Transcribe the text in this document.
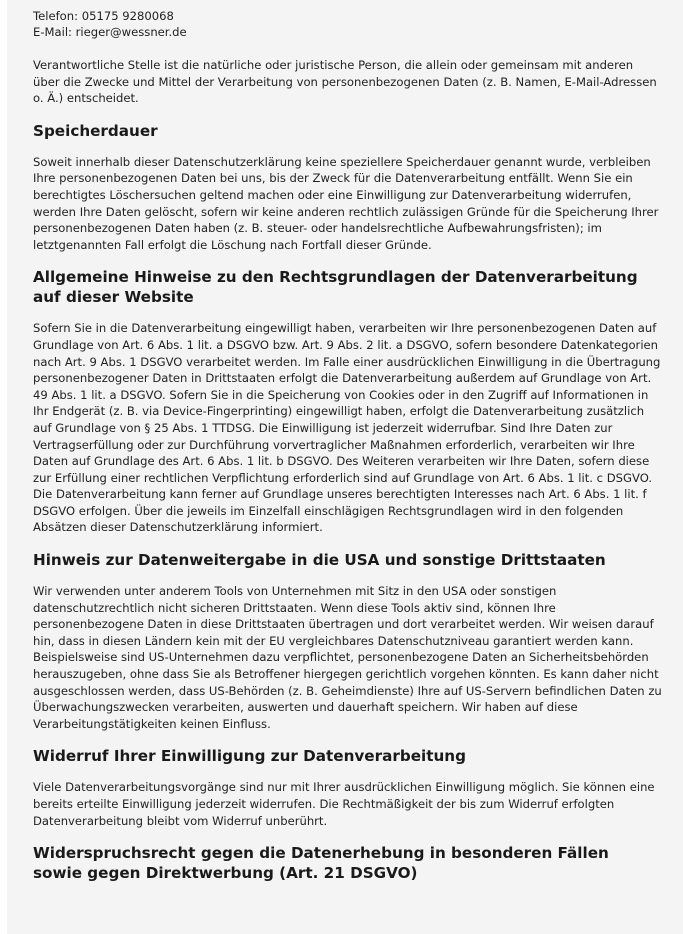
Telefon: 05175 9280068

E-Mail: rieger@wessner.de

Verantwortliche Stelle ist die natürliche oder juristische Person, die allein oder gemeinsam mit anderen über die Zwecke und Mittel der Verarbeitung von personenbezogenen Daten (z. B. Namen, E-Mail-Adressen o. Ä.) entscheidet.

Speicherdauer

Soweit innerhalb dieser Datenschutzerklärung keine speziellere Speicherdauer genannt wurde, verbleiben Ihre personenbezogenen Daten bei uns, bis der Zweck für die Datenverarbeitung entfällt. Wenn Sie ein berechtigtes Löschersuchen geltend machen oder eine Einwilligung zur Datenverarbeitung widerrufen, werden Ihre Daten gelöscht, sofern wir keine anderen rechtlich zulässigen Gründe für die Speicherung Ihrer personenbezogenen Daten haben (z. B. steuer- oder handelsrechtliche Aufbewahrungsfristen); im letztgenannten Fall erfolgt die Löschung nach Fortfall dieser Gründe.

Allgemeine Hinweise zu den Rechtsgrundlagen der Datenverarbeitung auf dieser Website

Sofern Sie in die Datenverarbeitung eingewilligt haben, verarbeiten wir Ihre personenbezogenen Daten auf Grundlage von Art. 6 Abs. 1 lit. a DSGVO bzw. Art. 9 Abs. 2 lit. a DSGVO, sofern besondere Datenkategorien nach Art. 9 Abs. 1 DSGVO verarbeitet werden. Im Falle einer ausdrücklichen Einwilligung in die Übertragung personenbezogener Daten in Drittstaaten erfolgt die Datenverarbeitung außerdem auf Grundlage von Art. 49 Abs. 1 lit. a DSGVO. Sofern Sie in die Speicherung von Cookies oder in den Zugriff auf Informationen in Ihr Endgerät (z. B. via Device-Fingerprinting) eingewilligt haben, erfolgt die Datenverarbeitung zusätzlich auf Grundlage von § 25 Abs. 1 TTDSG. Die Einwilligung ist jederzeit widerrufbar. Sind Ihre Daten zur Vertragserfüllung oder zur Durchführung vorvertraglicher Maßnahmen erforderlich, verarbeiten wir Ihre Daten auf Grundlage des Art. 6 Abs. 1 lit. b DSGVO. Des Weiteren verarbeiten wir Ihre Daten, sofern diese zur Erfüllung einer rechtlichen Verpflichtung erforderlich sind auf Grundlage von Art. 6 Abs. 1 lit. c DSGVO. Die Datenverarbeitung kann ferner auf Grundlage unseres berechtigten Interesses nach Art. 6 Abs. 1 lit. f DSGVO erfolgen. Über die jeweils im Einzelfall einschlägigen Rechtsgrundlagen wird in den folgenden Absätzen dieser Datenschutzerklärung informiert.

Hinweis zur Datenweitergabe in die USA und sonstige Drittstaaten

Wir verwenden unter anderem Tools von Unternehmen mit Sitz in den USA oder sonstigen datenschutzrechtlich nicht sicheren Drittstaaten. Wenn diese Tools aktiv sind, können Ihre personenbezogene Daten in diese Drittstaaten übertragen und dort verarbeitet werden. Wir weisen darauf hin, dass in diesen Ländern kein mit der EU vergleichbares Datenschutzniveau garantiert werden kann. Beispielsweise sind US-Unternehmen dazu verpflichtet, personenbezogene Daten an Sicherheitsbehörden herauszugeben, ohne dass Sie als Betroffener hiergegen gerichtlich vorgehen könnten. Es kann daher nicht ausgeschlossen werden, dass US-Behörden (z. B. Geheimdienste) Ihre auf US-Servern befindlichen Daten zu Überwachungszwecken verarbeiten, auswerten und dauerhaft speichern. Wir haben auf diese Verarbeitungstätigkeiten keinen Einfluss.

Widerruf Ihrer Einwilligung zur Datenverarbeitung

Viele Datenverarbeitungsvorgänge sind nur mit Ihrer ausdrücklichen Einwilligung möglich. Sie können eine bereits erteilte Einwilligung jederzeit widerrufen. Die Rechtmäßigkeit der bis zum Widerruf erfolgten Datenverarbeitung bleibt vom Widerruf unberührt.

Widerspruchsrecht gegen die Datenerhebung in besonderen Fällen sowie gegen Direktwerbung (Art. 21 DSGVO)
